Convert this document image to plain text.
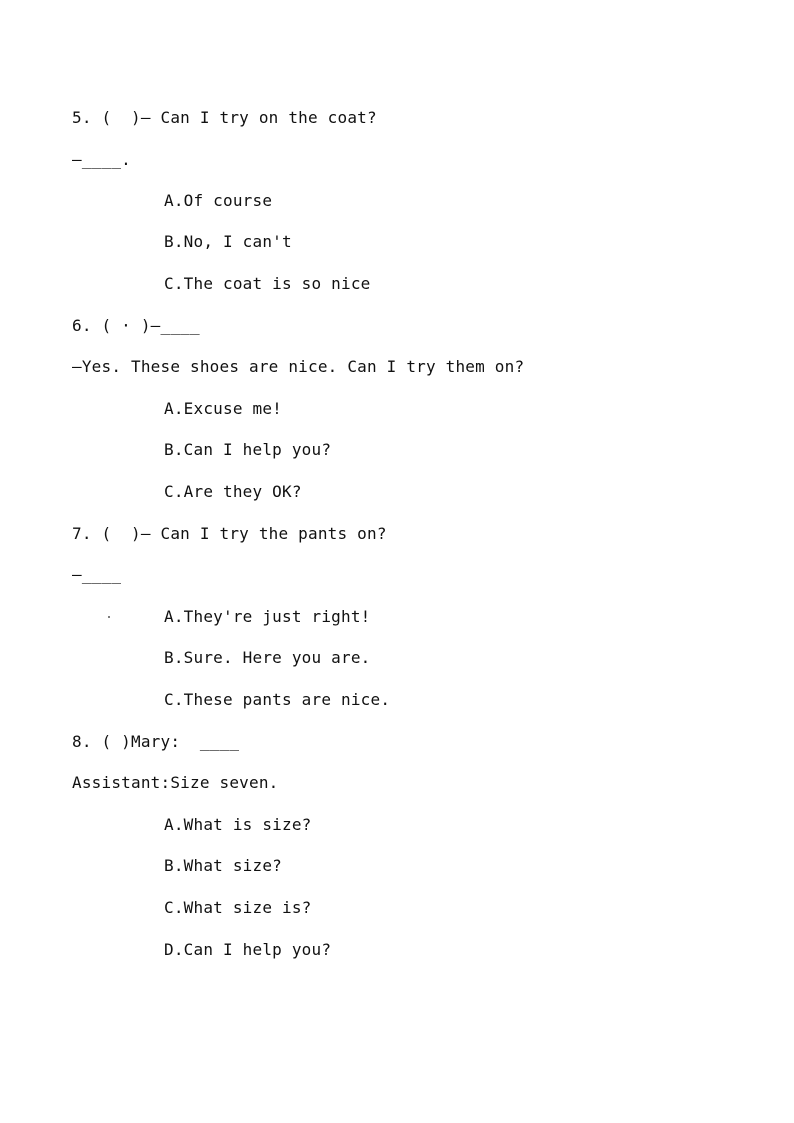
5. (  )— Can I try on the coat?
—____.
A.Of course
B.No, I can't
C.The coat is so nice
6. ( · )—____
—Yes. These shoes are nice. Can I try them on?
A.Excuse me!
B.Can I help you?
C.Are they OK?
7. (  )— Can I try the pants on?
—____
A.They're just right!
B.Sure. Here you are.
C.These pants are nice.
8. ( )Mary:  ____
Assistant:Size seven.
A.What is size?
B.What size?
C.What size is?
D.Can I help you?
